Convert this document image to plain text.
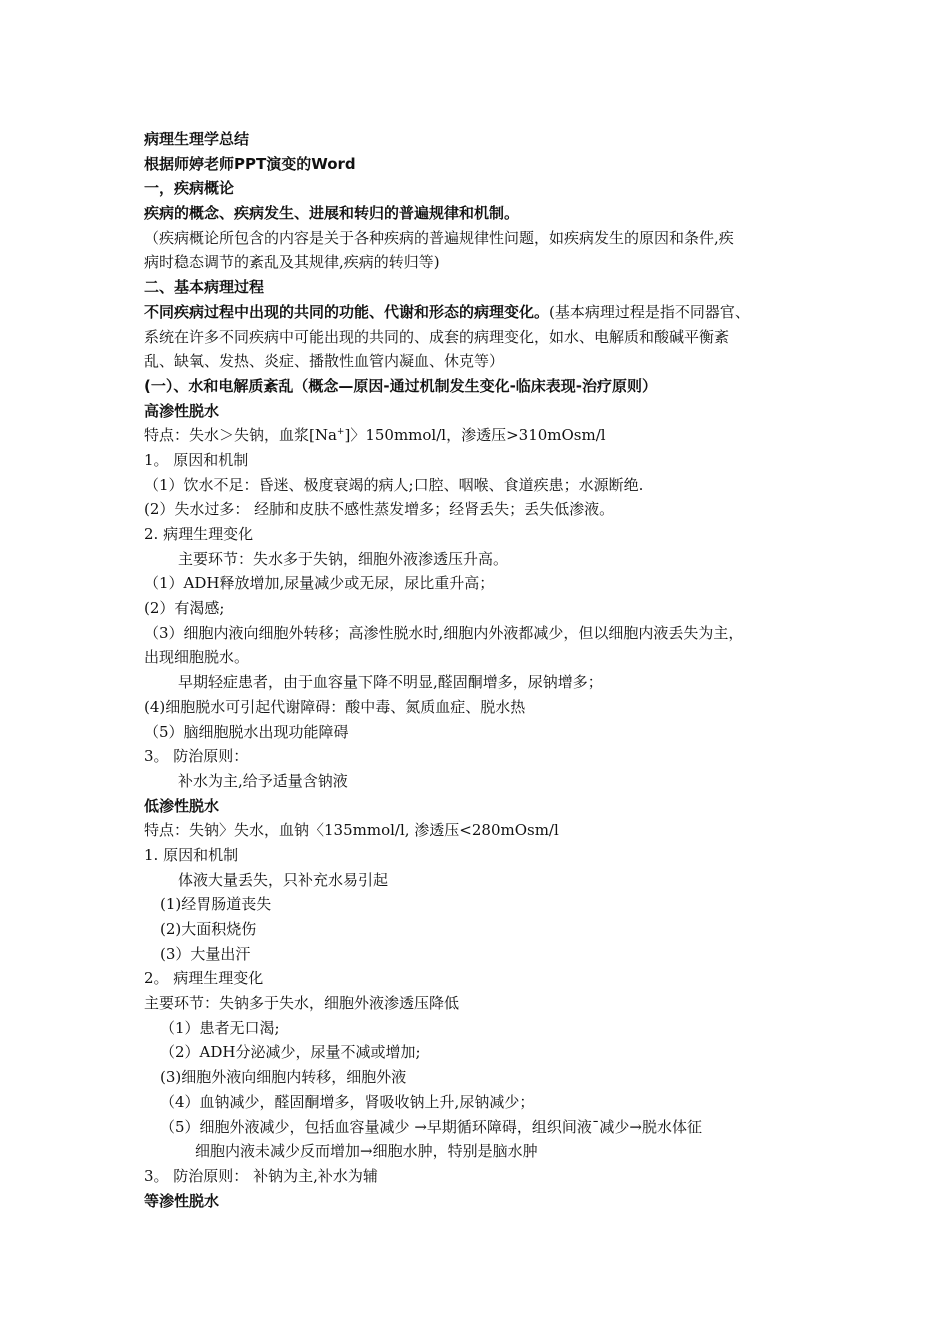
病理生理学总结
根据师婷老师PPT演变的Word
一，疾病概论
疾病的概念、疾病发生、进展和转归的普遍规律和机制。
（疾病概论所包含的内容是关于各种疾病的普遍规律性问题，如疾病发生的原因和条件,疾
病时稳态调节的紊乱及其规律,疾病的转归等)
二、基本病理过程
不同疾病过程中出现的共同的功能、代谢和形态的病理变化。(基本病理过程是指不同器官、
系统在许多不同疾病中可能出现的共同的、成套的病理变化，如水、电解质和酸碱平衡紊
乱、缺氧、发热、炎症、播散性血管内凝血、休克等）
(一）、水和电解质紊乱（概念—原因-通过机制发生变化-临床表现-治疗原则）
高渗性脱水
特点：失水＞失钠，血浆[Na+]〉150mmol/l，渗透压>310mOsm/l
1。 原因和机制
（1）饮水不足：昏迷、极度衰竭的病人;口腔、咽喉、食道疾患；水源断绝.
(2）失水过多： 经肺和皮肤不感性蒸发增多；经肾丢失；丢失低渗液。
2. 病理生理变化
主要环节：失水多于失钠，细胞外液渗透压升高。
（1）ADH释放增加,尿量减少或无尿，尿比重升高；
(2）有渴感;
（3）细胞内液向细胞外转移；高渗性脱水时,细胞内外液都减少，但以细胞内液丢失为主，
出现细胞脱水。
早期轻症患者，由于血容量下降不明显,醛固酮增多，尿钠增多；
(4)细胞脱水可引起代谢障碍：酸中毒、氮质血症、脱水热
（5）脑细胞脱水出现功能障碍
3。 防治原则：
补水为主,给予适量含钠液
低渗性脱水
特点：失钠〉失水，血钠〈135mmol/l, 渗透压<280mOsm/l
1. 原因和机制
体液大量丢失，只补充水易引起
(1)经胃肠道丧失
(2)大面积烧伤
(3）大量出汗
2。 病理生理变化
主要环节：失钠多于失水，细胞外液渗透压降低
（1）患者无口渴;
（2）ADH分泌减少，尿量不减或增加;
(3)细胞外液向细胞内转移，细胞外液
（4）血钠减少，醛固酮增多，肾吸收钠上升,尿钠减少；
（5）细胞外液减少，包括血容量减少 →早期循环障碍，组织间液¯减少→脱水体征
细胞内液未减少反而增加→细胞水肿，特别是脑水肿
3。 防治原则： 补钠为主,补水为辅
等渗性脱水
